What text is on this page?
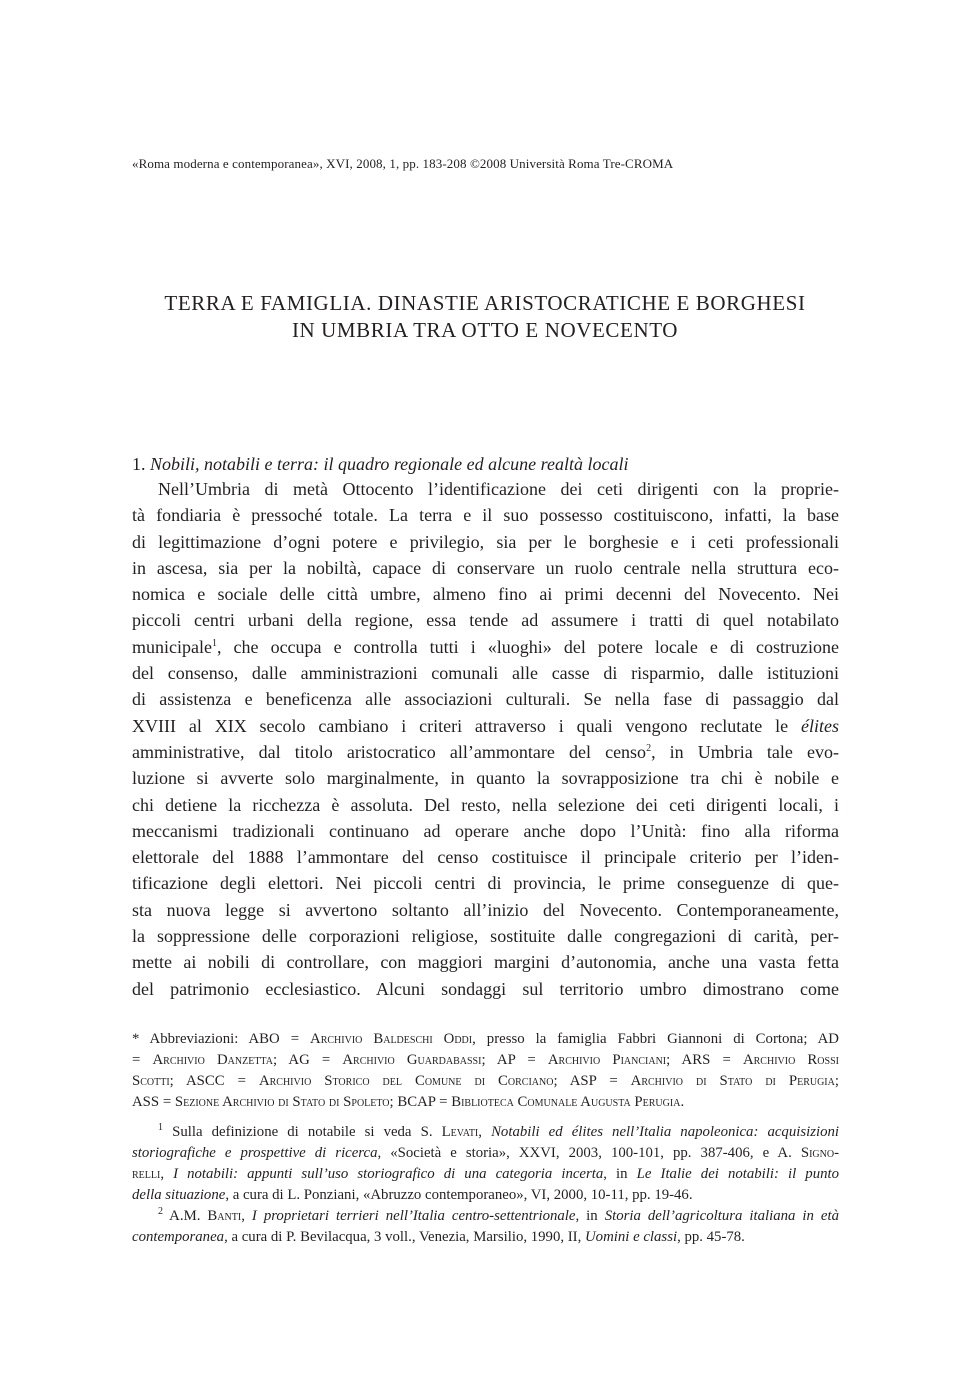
«Roma moderna e contemporanea», XVI, 2008, 1, pp. 183-208 ©2008 Università Roma Tre-CROMA
TERRA E FAMIGLIA. DINASTIE ARISTOCRATICHE E BORGHESI
IN UMBRIA TRA OTTO E NOVECENTO
1. Nobili, notabili e terra: il quadro regionale ed alcune realtà locali
Nell’Umbria di metà Ottocento l’identificazione dei ceti dirigenti con la proprie-
tà fondiaria è pressoché totale. La terra e il suo possesso costituiscono, infatti, la base
di legittimazione d’ogni potere e privilegio, sia per le borghesie e i ceti professionali
in ascesa, sia per la nobiltà, capace di conservare un ruolo centrale nella struttura eco-
nomica e sociale delle città umbre, almeno fino ai primi decenni del Novecento. Nei
piccoli centri urbani della regione, essa tende ad assumere i tratti di quel notabilato
municipale$^1$, che occupa e controlla tutti i «luoghi» del potere locale e di costruzione
del consenso, dalle amministrazioni comunali alle casse di risparmio, dalle istituzioni
di assistenza e beneficenza alle associazioni culturali. Se nella fase di passaggio dal
XVIII al XIX secolo cambiano i criteri attraverso i quali vengono reclutate le élites
amministrative, dal titolo aristocratico all’ammontare del censo$^2$, in Umbria tale evo-
luzione si avverte solo marginalmente, in quanto la sovrapposizione tra chi è nobile e
chi detiene la ricchezza è assoluta. Del resto, nella selezione dei ceti dirigenti locali, i
meccanismi tradizionali continuano ad operare anche dopo l’Unità: fino alla riforma
elettorale del 1888 l’ammontare del censo costituisce il principale criterio per l’iden-
tificazione degli elettori. Nei piccoli centri di provincia, le prime conseguenze di que-
sta nuova legge si avvertono soltanto all’inizio del Novecento. Contemporaneamente,
la soppressione delle corporazioni religiose, sostituite dalle congregazioni di carità, per-
mette ai nobili di controllare, con maggiori margini d’autonomia, anche una vasta fetta
del patrimonio ecclesiastico. Alcuni sondaggi sul territorio umbro dimostrano come
* Abbreviazioni: ABO = Archivio Baldeschi Oddi, presso la famiglia Fabbri Giannoni di Cortona; AD
= Archivio Danzetta; AG = Archivio Guardabassi; AP = Archivio Pianciani; ARS = Archivio Rossi
Scotti; ASCC = Archivio Storico del Comune di Corciano; ASP = Archivio di Stato di Perugia;
ASS = Sezione Archivio di Stato di Spoleto; BCAP = Biblioteca Comunale Augusta Perugia.
$^1$ Sulla definizione di notabile si veda S. Levati, Notabili ed élites nell’Italia napoleonica: acquisizioni
storiografiche e prospettive di ricerca, «Società e storia», XXVI, 2003, 100-101, pp. 387-406, e A. Signo-
relli, I notabili: appunti sull’uso storiografico di una categoria incerta, in Le Italie dei notabili: il punto
della situazione, a cura di L. Ponziani, «Abruzzo contemporaneo», VI, 2000, 10-11, pp. 19-46.
$^2$ A.M. Banti, I proprietari terrieri nell’Italia centro-settentrionale, in Storia dell’agricoltura italiana in età
contemporanea, a cura di P. Bevilacqua, 3 voll., Venezia, Marsilio, 1990, II, Uomini e classi, pp. 45-78.
